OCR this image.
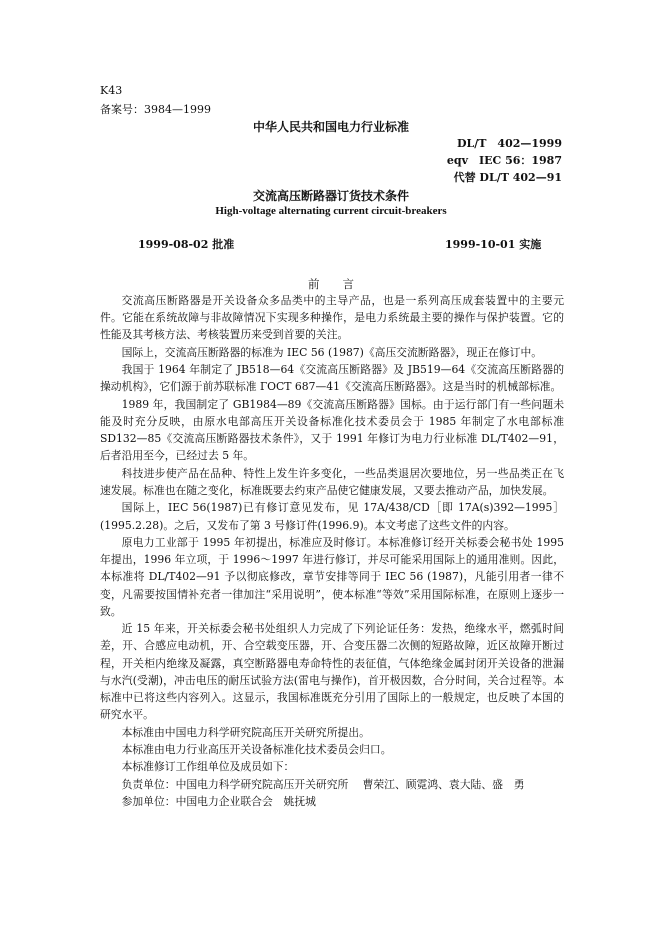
K43
备案号：3984—1999
中华人民共和国电力行业标准
DL/T　402—1999
eqv　IEC 56：1987
代替 DL/T 402—91
交流高压断路器订货技术条件
High-voltage alternating current circuit-breakers
1999-08-02 批准	1999-10-01 实施
前　　言

交流高压断路器是开关设备众多品类中的主导产品，也是一系列高压成套装置中的主要元件。它能在系统故障与非故障情况下实现多种操作，是电力系统最主要的操作与保护装置。它的性能及其考核方法、考核装置历来受到首要的关注。

国际上，交流高压断路器的标准为 IEC 56 (1987)《高压交流断路器》，现正在修订中。

我国于 1964 年制定了 JB518—64《交流高压断路器》及 JB519—64《交流高压断路器的操动机构》，它们源于前苏联标准 ГОСТ 687—41《交流高压断路器》。这是当时的机械部标准。

1989 年，我国制定了 GB1984—89《交流高压断路器》国标。由于运行部门有一些问题未能及时充分反映，由原水电部高压开关设备标准化技术委员会于 1985 年制定了水电部标准 SD132—85《交流高压断路器技术条件》，又于 1991 年修订为电力行业标准 DL/T402—91，后者沿用至今，已经过去 5 年。

科技进步使产品在品种、特性上发生许多变化，一些品类退居次要地位，另一些品类正在飞速发展。标准也在随之变化，标准既要去约束产品使它健康发展，又要去推动产品，加快发展。

国际上，IEC 56(1987)已有修订意见发布，见 17A/438/CD［即 17A(s)392—1995］(1995.2.28)。之后，又发布了第 3 号修订件(1996.9)。本文考虑了这些文件的内容。

原电力工业部于 1995 年初提出，标准应及时修订。本标准修订经开关标委会秘书处 1995 年提出，1996 年立项，于 1996～1997 年进行修订，并尽可能采用国际上的通用准则。因此，本标准将 DL/T402—91 予以彻底修改，章节安排等同于 IEC 56 (1987)，凡能引用者一律不变，凡需要按国情补充者一律加注“采用说明”，使本标准“等效”采用国际标准，在原则上逐步一致。

近 15 年来，开关标委会秘书处组织人力完成了下列论证任务：发热，绝缘水平，燃弧时间差，开、合感应电动机，开、合空载变压器，开、合变压器二次侧的短路故障，近区故障开断过程，开关柜内绝缘及凝露，真空断路器电寿命特性的表征值，气体绝缘金属封闭开关设备的泄漏与水汽(受潮)，冲击电压的耐压试验方法(雷电与操作)，首开极因数，合分时间，关合过程等。本标准中已将这些内容列入。这显示，我国标准既充分引用了国际上的一般规定，也反映了本国的研究水平。

本标准由中国电力科学研究院高压开关研究所提出。

本标准由电力行业高压开关设备标准化技术委员会归口。

本标准修订工作组单位及成员如下：

负责单位：中国电力科学研究院高压开关研究所　 曹荣江、顾霓鸿、袁大陆、盛　勇

参加单位：中国电力企业联合会　姚抚城
